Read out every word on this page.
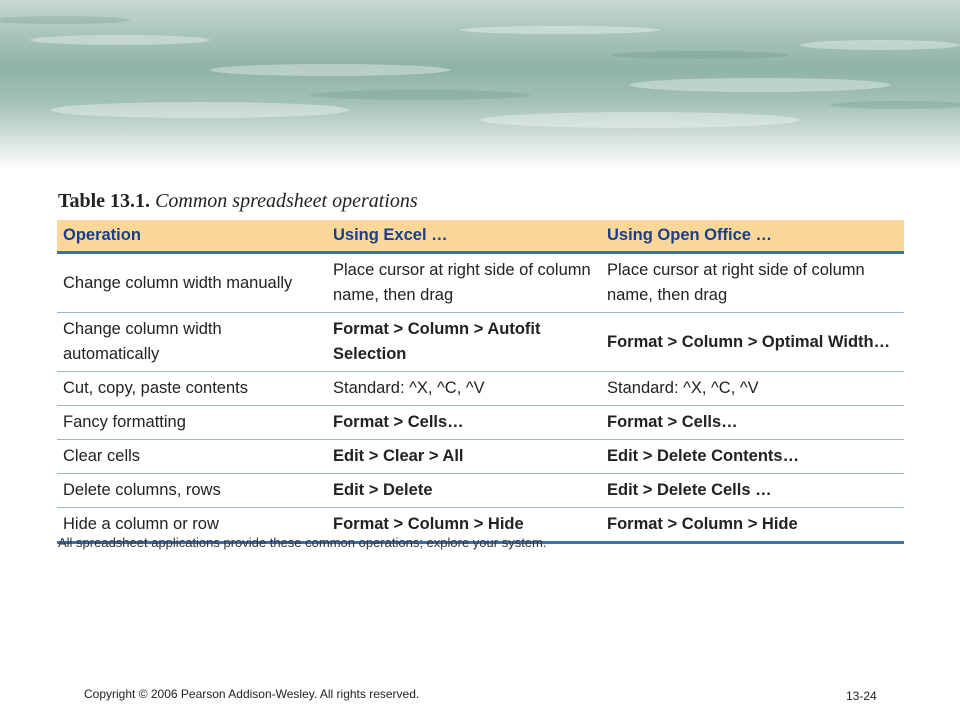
Table 13.1. Common spreadsheet operations
Operation	Using Excel …	Using Open Office …
Change column width manually	Place cursor at right side of column name, then drag	Place cursor at right side of column name, then drag
Change column width automatically	Format > Column > Autofit Selection	Format > Column > Optimal Width…
Cut, copy, paste contents	Standard: ^X, ^C, ^V	Standard: ^X, ^C, ^V
Fancy formatting	Format > Cells…	Format > Cells…
Clear cells	Edit > Clear > All	Edit > Delete Contents…
Delete columns, rows	Edit > Delete	Edit > Delete Cells …
Hide a column or row	Format > Column > Hide	Format > Column > Hide
All spreadsheet applications provide these common operations; explore your system.
Copyright © 2006 Pearson Addison-Wesley. All rights reserved.	13-24
